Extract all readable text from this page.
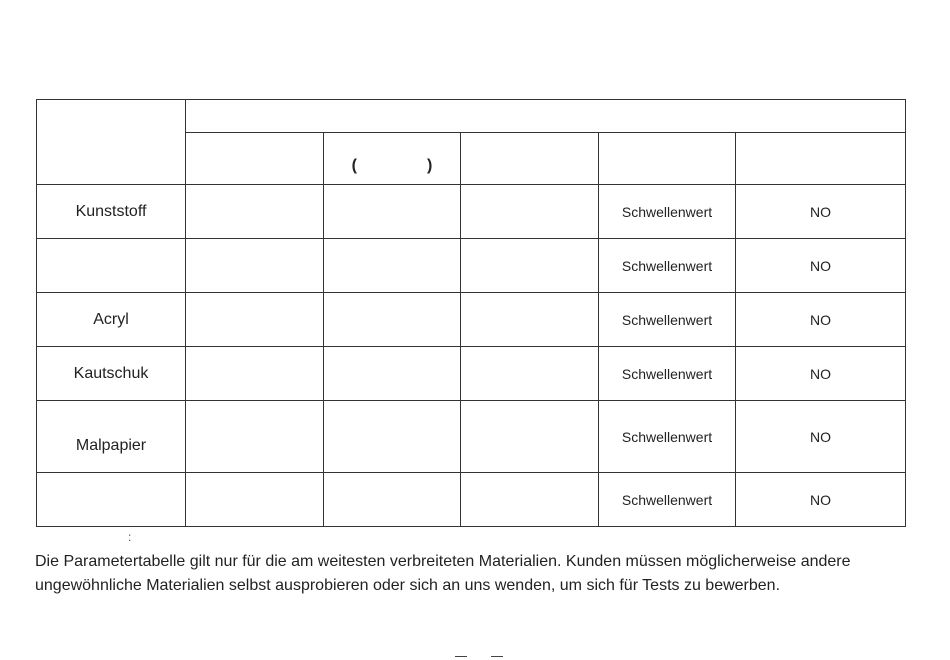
		( )			
Kunststoff				Schwellenwert	NO
				Schwellenwert	NO
Acryl				Schwellenwert	NO
Kautschuk				Schwellenwert	NO
Malpapier				Schwellenwert	NO
				Schwellenwert	NO
:
Die Parametertabelle gilt nur für die am weitesten verbreiteten Materialien. Kunden müssen möglicherweise andere ungewöhnliche Materialien selbst ausprobieren oder sich an uns wenden, um sich für Tests zu bewerben.
